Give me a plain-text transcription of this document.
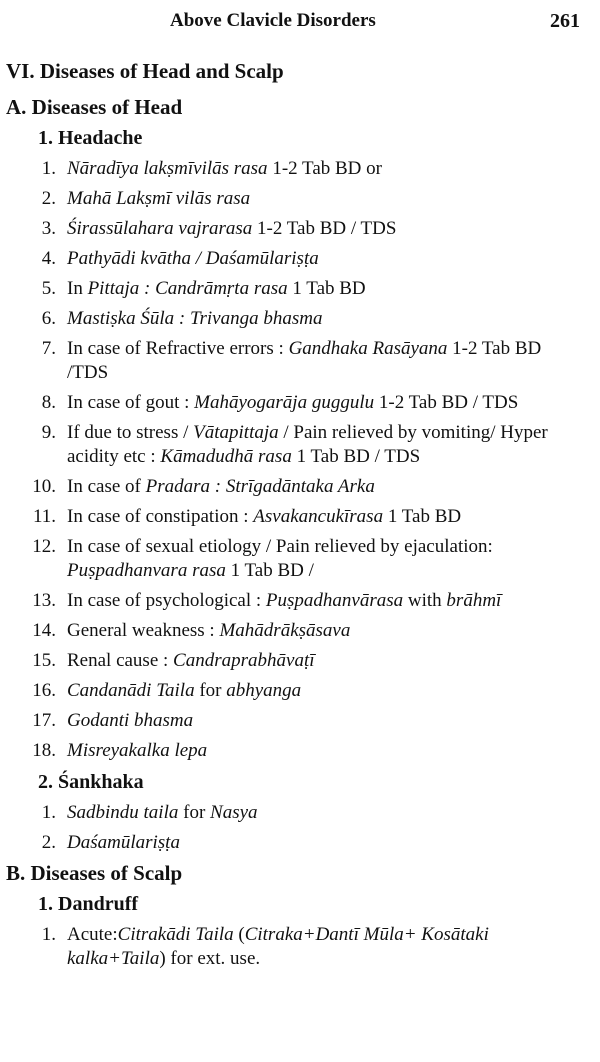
Above Clavicle Disorders	261
VI. Diseases of Head and Scalp
A. Diseases of Head
1. Headache
1. Nāradīya lakṣmīvilās rasa 1-2 Tab BD or
2. Mahā Lakṣmī vilās rasa
3. Śirassūlahara vajrarasa 1-2 Tab BD / TDS
4. Pathyādi kvātha / Daśamūlariṣṭa
5. In Pittaja : Candrāmṛta rasa 1 Tab BD
6. Mastiṣka Śūla : Trivanga bhasma
7. In case of Refractive errors : Gandhaka Rasāyana 1-2 Tab BD /TDS
8. In case of gout : Mahāyogarāja guggulu 1-2 Tab BD / TDS
9. If due to stress / Vātapittaja / Pain relieved by vomiting/ Hyper acidity etc : Kāmadudhā rasa 1 Tab BD / TDS
10. In case of Pradara : Strīgadāntaka Arka
11. In case of constipation : Asvakancukīrasa 1 Tab BD
12. In case of sexual etiology / Pain relieved by ejaculation: Puṣpadhanvara rasa 1 Tab BD /
13. In case of psychological : Puṣpadhanvārasa with brāhmī
14. General weakness : Mahādrākṣāsava
15. Renal cause : Candraprabhāvaṭī
16. Candanādi Taila for abhyanga
17. Godanti bhasma
18. Misreyakalka lepa
2. Śankhaka
1. Sadbindu taila for Nasya
2. Daśamūlariṣṭa
B. Diseases of Scalp
1. Dandruff
1. Acute:Citrakādi Taila (Citraka+Dantī Mūla+ Kosātaki kalka+Taila) for ext. use.
